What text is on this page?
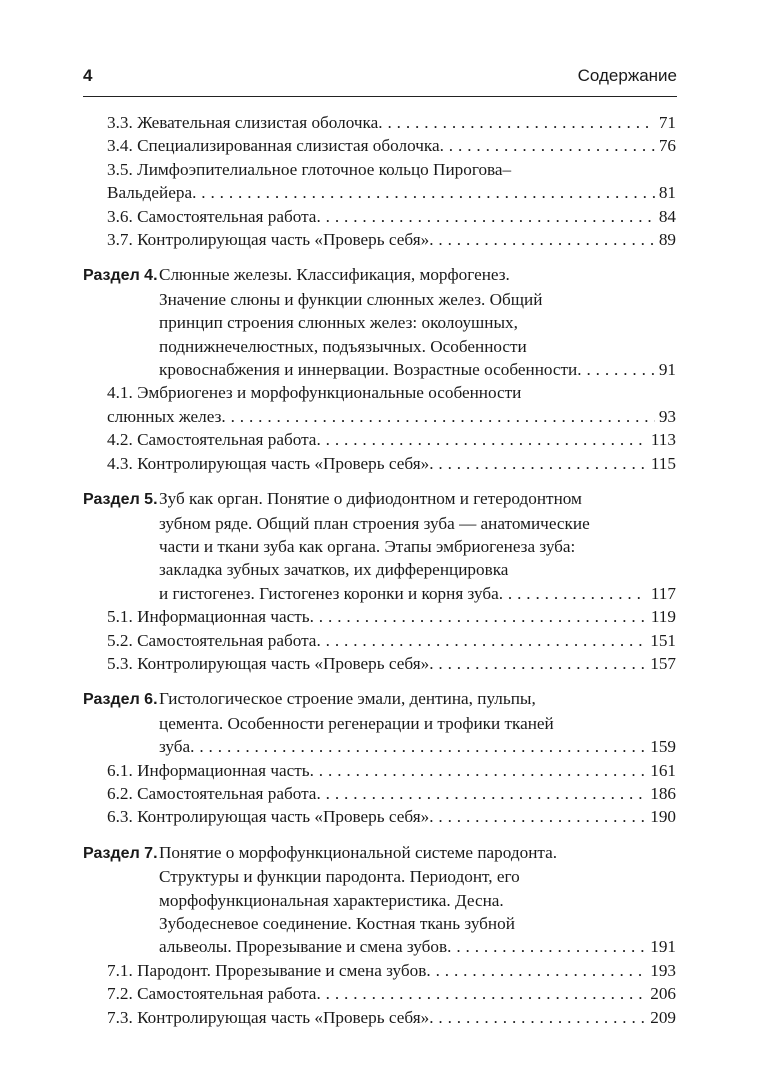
4	Содержание
3.3. Жевательная слизистая оболочка . . .	71
3.4. Специализированная слизистая оболочка . . .	76
3.5. Лимфоэпителиальное глоточное кольцо Пирогова–
Вальдейера . . .	81
3.6. Самостоятельная работа . . .	84
3.7. Контролирующая часть «Проверь себя» . . .	89
Раздел 4. Слюнные железы. Классификация, морфогенез.
Значение слюны и функции слюнных желез. Общий
принцип строения слюнных желез: околоушных,
поднижнечелюстных, подъязычных. Особенности
кровоснабжения и иннервации. Возрастные особенности . . .	91
4.1. Эмбриогенез и морфофункциональные особенности
слюнных желез . . .	93
4.2. Самостоятельная работа . . .	113
4.3. Контролирующая часть «Проверь себя» . . .	115
Раздел 5. Зуб как орган. Понятие о дифиодонтном и гетеродонтном
зубном ряде. Общий план строения зуба — анатомические
части и ткани зуба как органа. Этапы эмбриогенеза зуба:
закладка зубных зачатков, их дифференцировка
и гистогенез. Гистогенез коронки и корня зуба . . .	117
5.1. Информационная часть . . .	119
5.2. Самостоятельная работа . . .	151
5.3. Контролирующая часть «Проверь себя» . . .	157
Раздел 6. Гистологическое строение эмали, дентина, пульпы,
цемента. Особенности регенерации и трофики тканей
зуба . . .	159
6.1. Информационная часть . . .	161
6.2. Самостоятельная работа . . .	186
6.3. Контролирующая часть «Проверь себя» . . .	190
Раздел 7. Понятие о морфофункциональной системе пародонта.
Структуры и функции пародонта. Периодонт, его
морфофункциональная характеристика. Десна.
Зубодесневое соединение. Костная ткань зубной
альвеолы. Прорезывание и смена зубов . . .	191
7.1. Пародонт. Прорезывание и смена зубов . . .	193
7.2. Самостоятельная работа . . .	206
7.3. Контролирующая часть «Проверь себя» . . .	209
